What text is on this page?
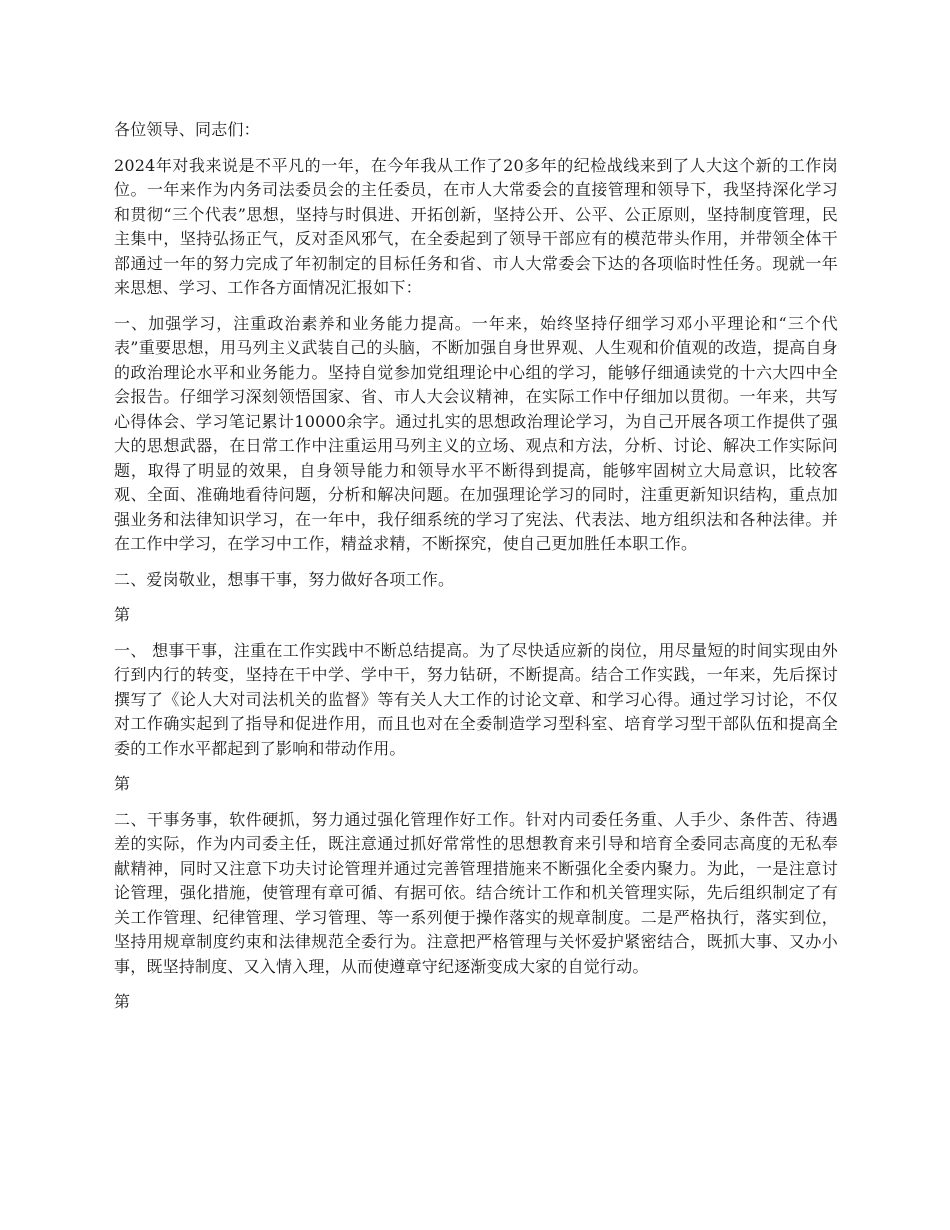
各位领导、同志们：

2024年对我来说是不平凡的一年，在今年我从工作了20多年的纪检战线来到了人大这个新的工作岗位。一年来作为内务司法委员会的主任委员，在市人大常委会的直接管理和领导下，我坚持深化学习和贯彻“三个代表”思想，坚持与时俱进、开拓创新，坚持公开、公平、公正原则，坚持制度管理，民主集中，坚持弘扬正气，反对歪风邪气，在全委起到了领导干部应有的模范带头作用，并带领全体干部通过一年的努力完成了年初制定的目标任务和省、市人大常委会下达的各项临时性任务。现就一年来思想、学习、工作各方面情况汇报如下：

一、加强学习，注重政治素养和业务能力提高。一年来，始终坚持仔细学习邓小平理论和“三个代表”重要思想，用马列主义武装自己的头脑，不断加强自身世界观、人生观和价值观的改造，提高自身的政治理论水平和业务能力。坚持自觉参加党组理论中心组的学习，能够仔细通读党的十六大四中全会报告。仔细学习深刻领悟国家、省、市人大会议精神，在实际工作中仔细加以贯彻。一年来，共写心得体会、学习笔记累计10000余字。通过扎实的思想政治理论学习，为自己开展各项工作提供了强大的思想武器，在日常工作中注重运用马列主义的立场、观点和方法，分析、讨论、解决工作实际问题，取得了明显的效果，自身领导能力和领导水平不断得到提高，能够牢固树立大局意识，比较客观、全面、准确地看待问题，分析和解决问题。在加强理论学习的同时，注重更新知识结构，重点加强业务和法律知识学习，在一年中，我仔细系统的学习了宪法、代表法、地方组织法和各种法律。并在工作中学习，在学习中工作，精益求精，不断探究，使自己更加胜任本职工作。

二、爱岗敬业，想事干事，努力做好各项工作。

第

一、 想事干事，注重在工作实践中不断总结提高。为了尽快适应新的岗位，用尽量短的时间实现由外行到内行的转变，坚持在干中学、学中干，努力钻研，不断提高。结合工作实践，一年来，先后探讨撰写了《论人大对司法机关的监督》等有关人大工作的讨论文章、和学习心得。通过学习讨论，不仅对工作确实起到了指导和促进作用，而且也对在全委制造学习型科室、培育学习型干部队伍和提高全委的工作水平都起到了影响和带动作用。

第

二、干事务事，软件硬抓，努力通过强化管理作好工作。针对内司委任务重、人手少、条件苦、待遇差的实际，作为内司委主任，既注意通过抓好常常性的思想教育来引导和培育全委同志高度的无私奉献精神，同时又注意下功夫讨论管理并通过完善管理措施来不断强化全委内聚力。为此，一是注意讨论管理，强化措施，使管理有章可循、有据可依。结合统计工作和机关管理实际，先后组织制定了有关工作管理、纪律管理、学习管理、等一系列便于操作落实的规章制度。二是严格执行，落实到位，坚持用规章制度约束和法律规范全委行为。注意把严格管理与关怀爱护紧密结合，既抓大事、又办小事，既坚持制度、又入情入理，从而使遵章守纪逐渐变成大家的自觉行动。

第
